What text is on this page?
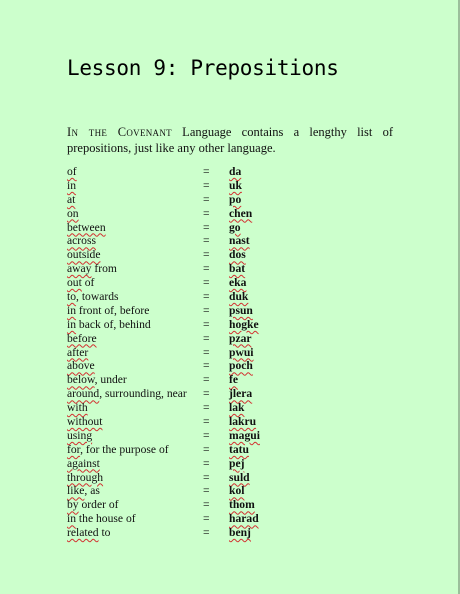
Lesson 9: Prepositions
In the Covenant Language contains a lengthy list of prepositions, just like any other language.
of	= da
in	= uk
at	= po
on	= chen
between	= go
across	= nast
outside	= dos
away from	= bat
out of	= eka
to, towards	= duk
in front of, before	= psun
in back of, behind	= hogke
before	= pzar
after	= pwui
above	= poch
below, under	= fe
around, surrounding, near = jlera
with	= lak
without	= lakru
using	= magui
for, for the purpose of	= tatu
against	= pej
through	= suld
like, as	= kol
by order of	= thom
in the house of	= harad
related to	= benj
